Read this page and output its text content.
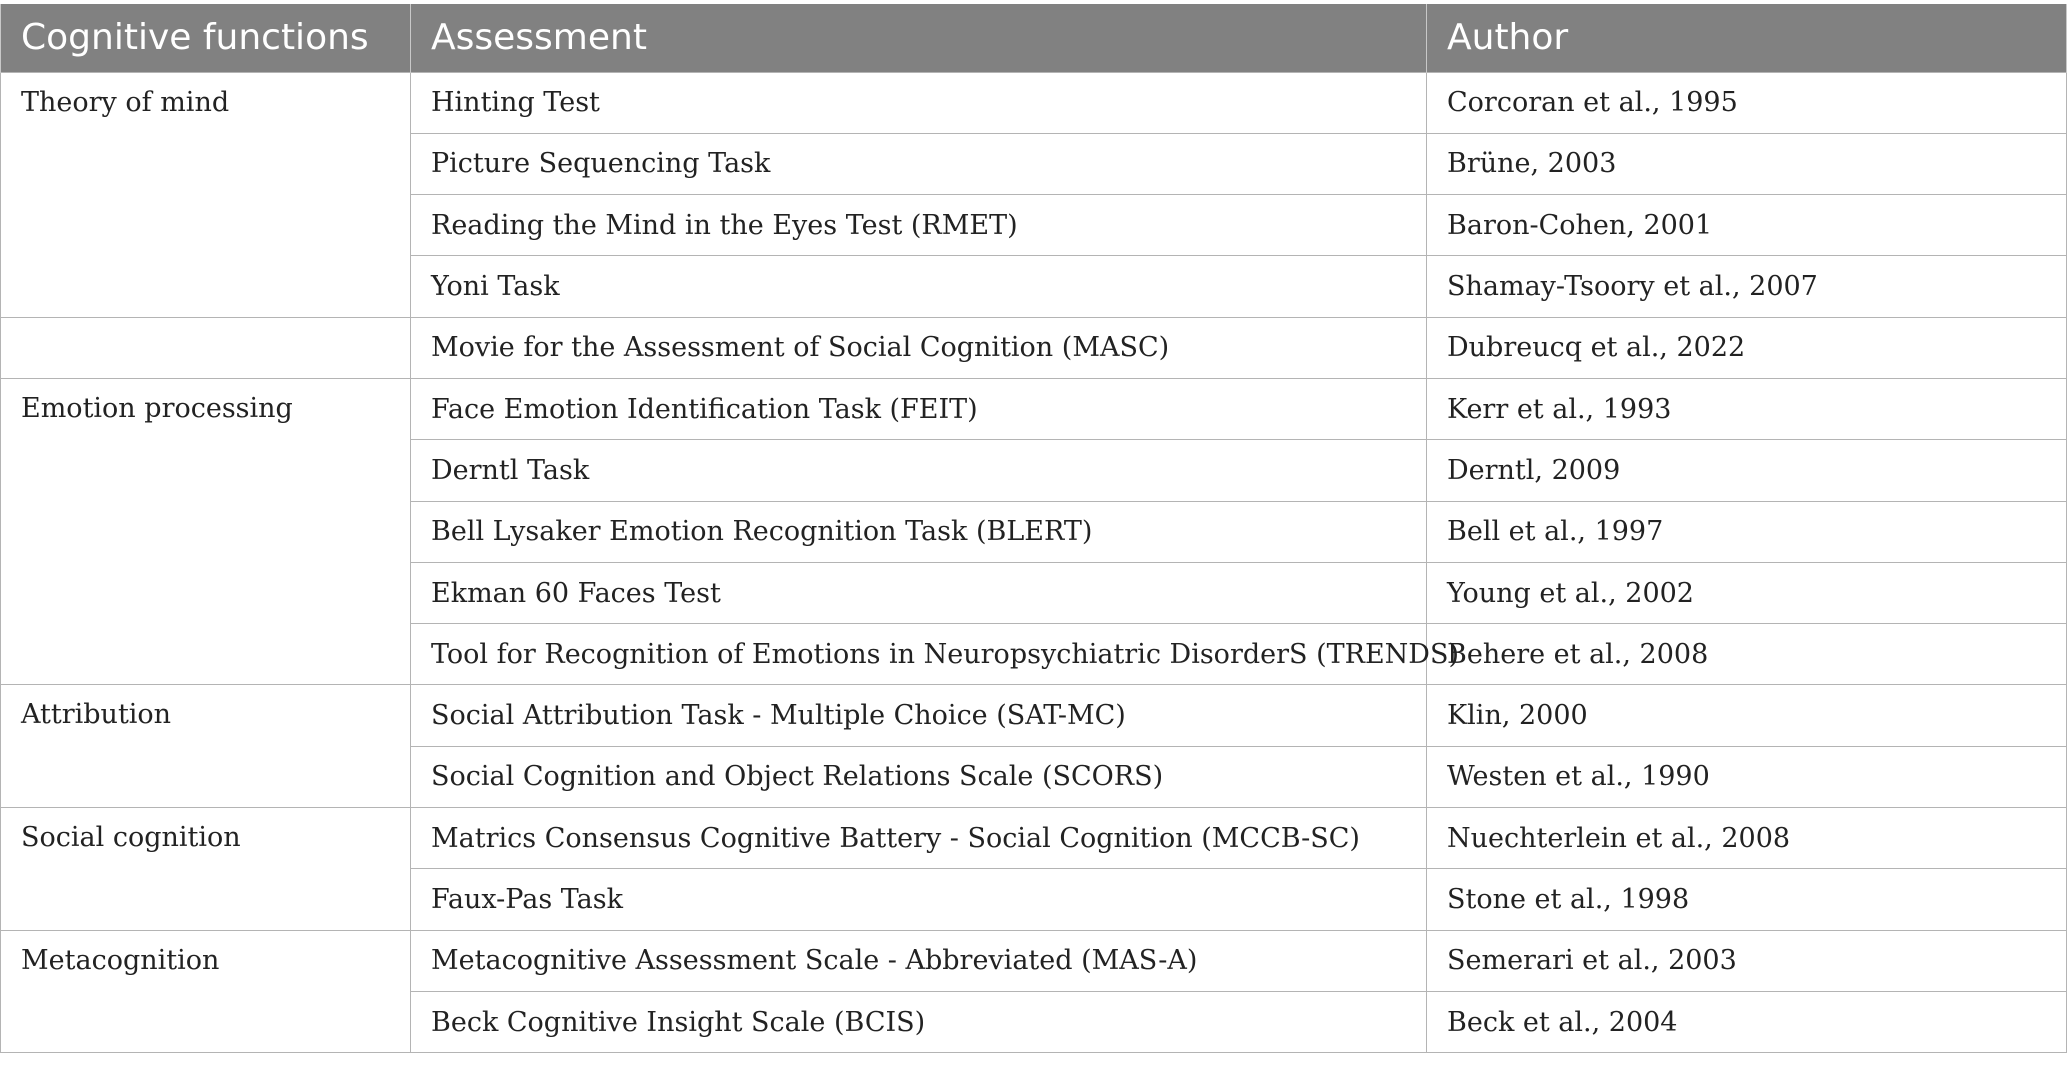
Cognitive functions	Assessment	Author
Theory of mind	Hinting Test	Corcoran et al., 1995
	Picture Sequencing Task	Brüne, 2003
	Reading the Mind in the Eyes Test (RMET)	Baron-Cohen, 2001
	Yoni Task	Shamay-Tsoory et al., 2007
	Movie for the Assessment of Social Cognition (MASC)	Dubreucq et al., 2022
Emotion processing	Face Emotion Identification Task (FEIT)	Kerr et al., 1993
	Derntl Task	Derntl, 2009
	Bell Lysaker Emotion Recognition Task (BLERT)	Bell et al., 1997
	Ekman 60 Faces Test	Young et al., 2002
	Tool for Recognition of Emotions in Neuropsychiatric DisorderS (TRENDS)	Behere et al., 2008
Attribution	Social Attribution Task - Multiple Choice (SAT-MC)	Klin, 2000
	Social Cognition and Object Relations Scale (SCORS)	Westen et al., 1990
Social cognition	Matrics Consensus Cognitive Battery - Social Cognition (MCCB-SC)	Nuechterlein et al., 2008
	Faux-Pas Task	Stone et al., 1998
Metacognition	Metacognitive Assessment Scale - Abbreviated (MAS-A)	Semerari et al., 2003
	Beck Cognitive Insight Scale (BCIS)	Beck et al., 2004
